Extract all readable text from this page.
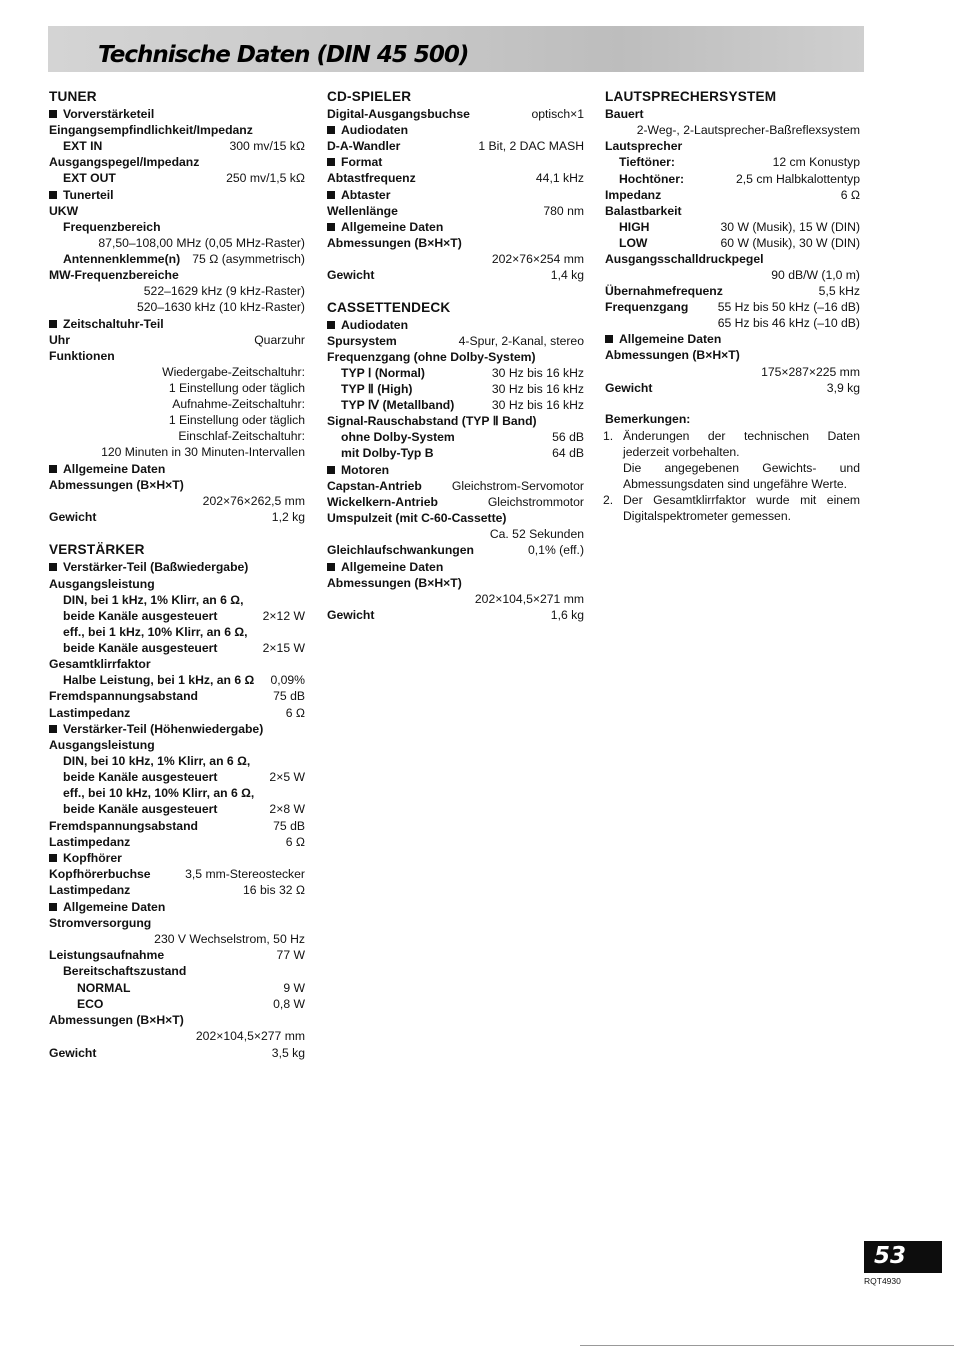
Technische Daten (DIN 45 500)
TUNER
Vorverstärketeil
Eingangsempfindlichkeit/Impedanz
EXT IN	300 mv/15 kΩ
Ausgangspegel/Impedanz
EXT OUT	250 mv/1,5 kΩ
Tunerteil
UKW
Frequenzbereich
87,50–108,00 MHz (0,05 MHz-Raster)
Antennenklemme(n) 75 Ω (asymmetrisch)
MW-Frequenzbereiche
522–1629 kHz (9 kHz-Raster)
520–1630 kHz (10 kHz-Raster)
Zeitschaltuhr-Teil
Uhr	Quarzuhr
Funktionen
Wiedergabe-Zeitschaltuhr:
1 Einstellung oder täglich
Aufnahme-Zeitschaltuhr:
1 Einstellung oder täglich
Einschlaf-Zeitschaltuhr:
120 Minuten in 30 Minuten-Intervallen
Allgemeine Daten
Abmessungen (B×H×T)
202×76×262,5 mm
Gewicht	1,2 kg
VERSTÄRKER
Verstärker-Teil (Baßwiedergabe)
Ausgangsleistung
DIN, bei 1 kHz, 1% Klirr, an 6 Ω,
beide Kanäle ausgesteuert	2×12 W
eff., bei 1 kHz, 10% Klirr, an 6 Ω,
beide Kanäle ausgesteuert	2×15 W
Gesamtklirrfaktor
Halbe Leistung, bei 1 kHz, an 6 Ω 0,09%
Fremdspannungsabstand	75 dB
Lastimpedanz	6 Ω
Verstärker-Teil (Höhenwiedergabe)
Ausgangsleistung
DIN, bei 10 kHz, 1% Klirr, an 6 Ω,
beide Kanäle ausgesteuert	2×5 W
eff., bei 10 kHz, 10% Klirr, an 6 Ω,
beide Kanäle ausgesteuert	2×8 W
Fremdspannungsabstand	75 dB
Lastimpedanz	6 Ω
Kopfhörer
Kopfhörerbuchse	3,5 mm-Stereostecker
Lastimpedanz	16 bis 32 Ω
Allgemeine Daten
Stromversorgung
230 V Wechselstrom, 50 Hz
Leistungsaufnahme	77 W
Bereitschaftszustand
NORMAL	9 W
ECO	0,8 W
Abmessungen (B×H×T)
202×104,5×277 mm
Gewicht	3,5 kg
CD-SPIELER
Digital-Ausgangsbuchse	optisch×1
Audiodaten
D-A-Wandler	1 Bit, 2 DAC MASH
Format
Abtastfrequenz	44,1 kHz
Abtaster
Wellenlänge	780 nm
Allgemeine Daten
Abmessungen (B×H×T)
202×76×254 mm
Gewicht	1,4 kg
CASSETTENDECK
Audiodaten
Spursystem	4-Spur, 2-Kanal, stereo
Frequenzgang (ohne Dolby-System)
TYP Ⅰ (Normal)	30 Hz bis 16 kHz
TYP Ⅱ (High)	30 Hz bis 16 kHz
TYP Ⅳ (Metallband)	30 Hz bis 16 kHz
Signal-Rauschabstand (TYP Ⅱ Band)
ohne Dolby-System	56 dB
mit Dolby-Typ B	64 dB
Motoren
Capstan-Antrieb Gleichstrom-Servomotor
Wickelkern-Antrieb	Gleichstrommotor
Umspulzeit (mit C-60-Cassette)
Ca. 52 Sekunden
Gleichlaufschwankungen	0,1% (eff.)
Allgemeine Daten
Abmessungen (B×H×T)
202×104,5×271 mm
Gewicht	1,6 kg
1. Änderungen der technischen Daten jederzeit vorbehalten.
Die angegebenen Gewichts- und Abmessungsdaten sind ungefähre Werte.
2. Der Gesamtklirrfaktor wurde mit einem Digitalspektrometer gemessen.
LAUTSPRECHERSYSTEM
Bauert
2-Weg-, 2-Lautsprecher-Baßreflexsystem
Lautsprecher
Tieftöner:	12 cm Konustyp
Hochtöner:	2,5 cm Halbkalottentyp
Impedanz	6 Ω
Balastbarkeit
HIGH	30 W (Musik), 15 W (DIN)
LOW	60 W (Musik), 30 W (DIN)
Ausgangsschalldruckpegel
90 dB/W (1,0 m)
Übernahmefrequenz	5,5 kHz
Frequenzgang 55 Hz bis 50 kHz (–16 dB)
65 Hz bis 46 kHz (–10 dB)
Allgemeine Daten
Abmessungen (B×H×T)
175×287×225 mm
Gewicht	3,9 kg
Bemerkungen:
53
RQT4930
